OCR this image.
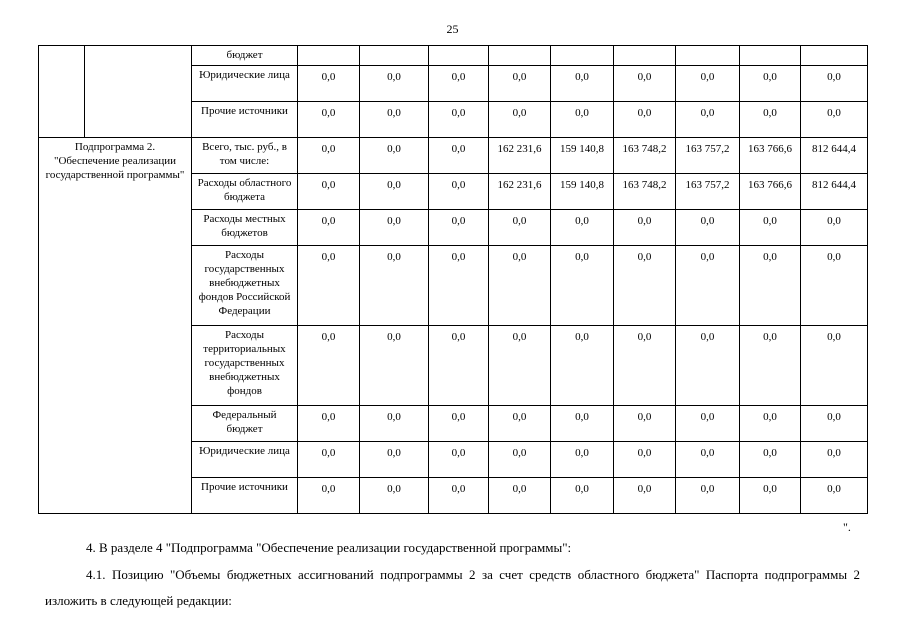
25
		бюджет									
		Юридические лица	0,0	0,0	0,0	0,0	0,0	0,0	0,0	0,0	0,0
		Прочие источники	0,0	0,0	0,0	0,0	0,0	0,0	0,0	0,0	0,0
Подпрограмма 2. "Обеспечение реализации государственной программы"		Всего, тыс. руб., в том числе:	0,0	0,0	0,0	162 231,6	159 140,8	163 748,2	163 757,2	163 766,6	812 644,4
		Расходы областного бюджета	0,0	0,0	0,0	162 231,6	159 140,8	163 748,2	163 757,2	163 766,6	812 644,4
		Расходы местных бюджетов	0,0	0,0	0,0	0,0	0,0	0,0	0,0	0,0	0,0
		Расходы государственных внебюджетных фондов Российской Федерации	0,0	0,0	0,0	0,0	0,0	0,0	0,0	0,0	0,0
		Расходы территориальных государственных внебюджетных фондов	0,0	0,0	0,0	0,0	0,0	0,0	0,0	0,0	0,0
		Федеральный бюджет	0,0	0,0	0,0	0,0	0,0	0,0	0,0	0,0	0,0
		Юридические лица	0,0	0,0	0,0	0,0	0,0	0,0	0,0	0,0	0,0
		Прочие источники	0,0	0,0	0,0	0,0	0,0	0,0	0,0	0,0	0,0
".
4. В разделе 4 "Подпрограмма "Обеспечение реализации государственной программы":
4.1. Позицию "Объемы бюджетных ассигнований подпрограммы 2 за счет средств областного бюджета" Паспорта подпрограммы 2 изложить в следующей редакции:
